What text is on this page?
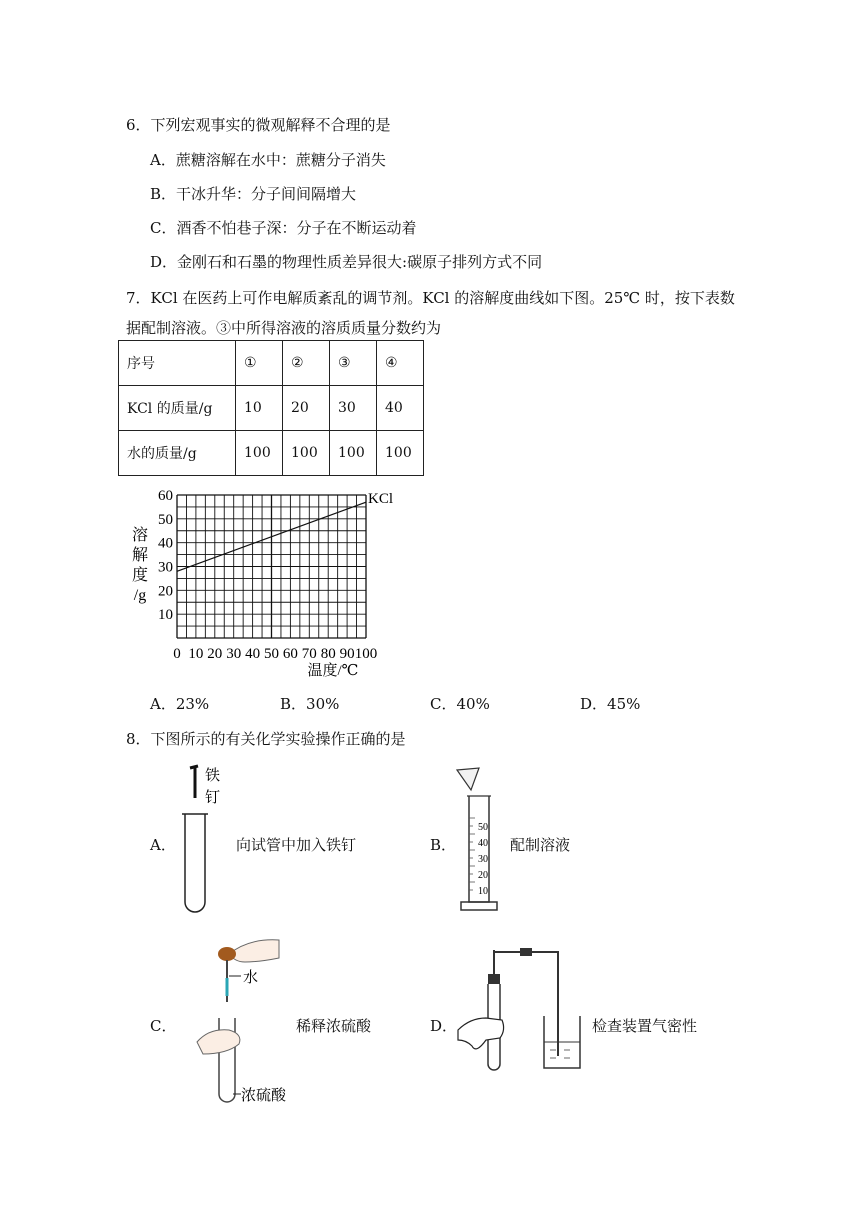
6．下列宏观事实的微观解释不合理的是
A．蔗糖溶解在水中：蔗糖分子消失
B．干冰升华：分子间间隔增大
C．酒香不怕巷子深：分子在不断运动着
D．金刚石和石墨的物理性质差异很大:碳原子排列方式不同
7．KCl 在医药上可作电解质紊乱的调节剂。KCl 的溶解度曲线如下图。25℃ 时，按下表数
据配制溶液。③中所得溶液的溶质质量分数约为
序号	①	②	③	④
KCl 的质量/g	10	20	30	40
水的质量/g	100	100	100	100
10
20
30
40
50
60
0 10 20 30 40 50 60 70 80 90 100
溶
解
度
/g
温度/℃
KCl
A．23%	B．30%	C．40%	D．45%
8．下图所示的有关化学实验操作正确的是
A．
铁
钉
向试管中加入铁钉	B．
50
40
30
20
10
配制溶液
C．
水
浓硫酸
稀释浓硫酸	D．	检查装置气密性
